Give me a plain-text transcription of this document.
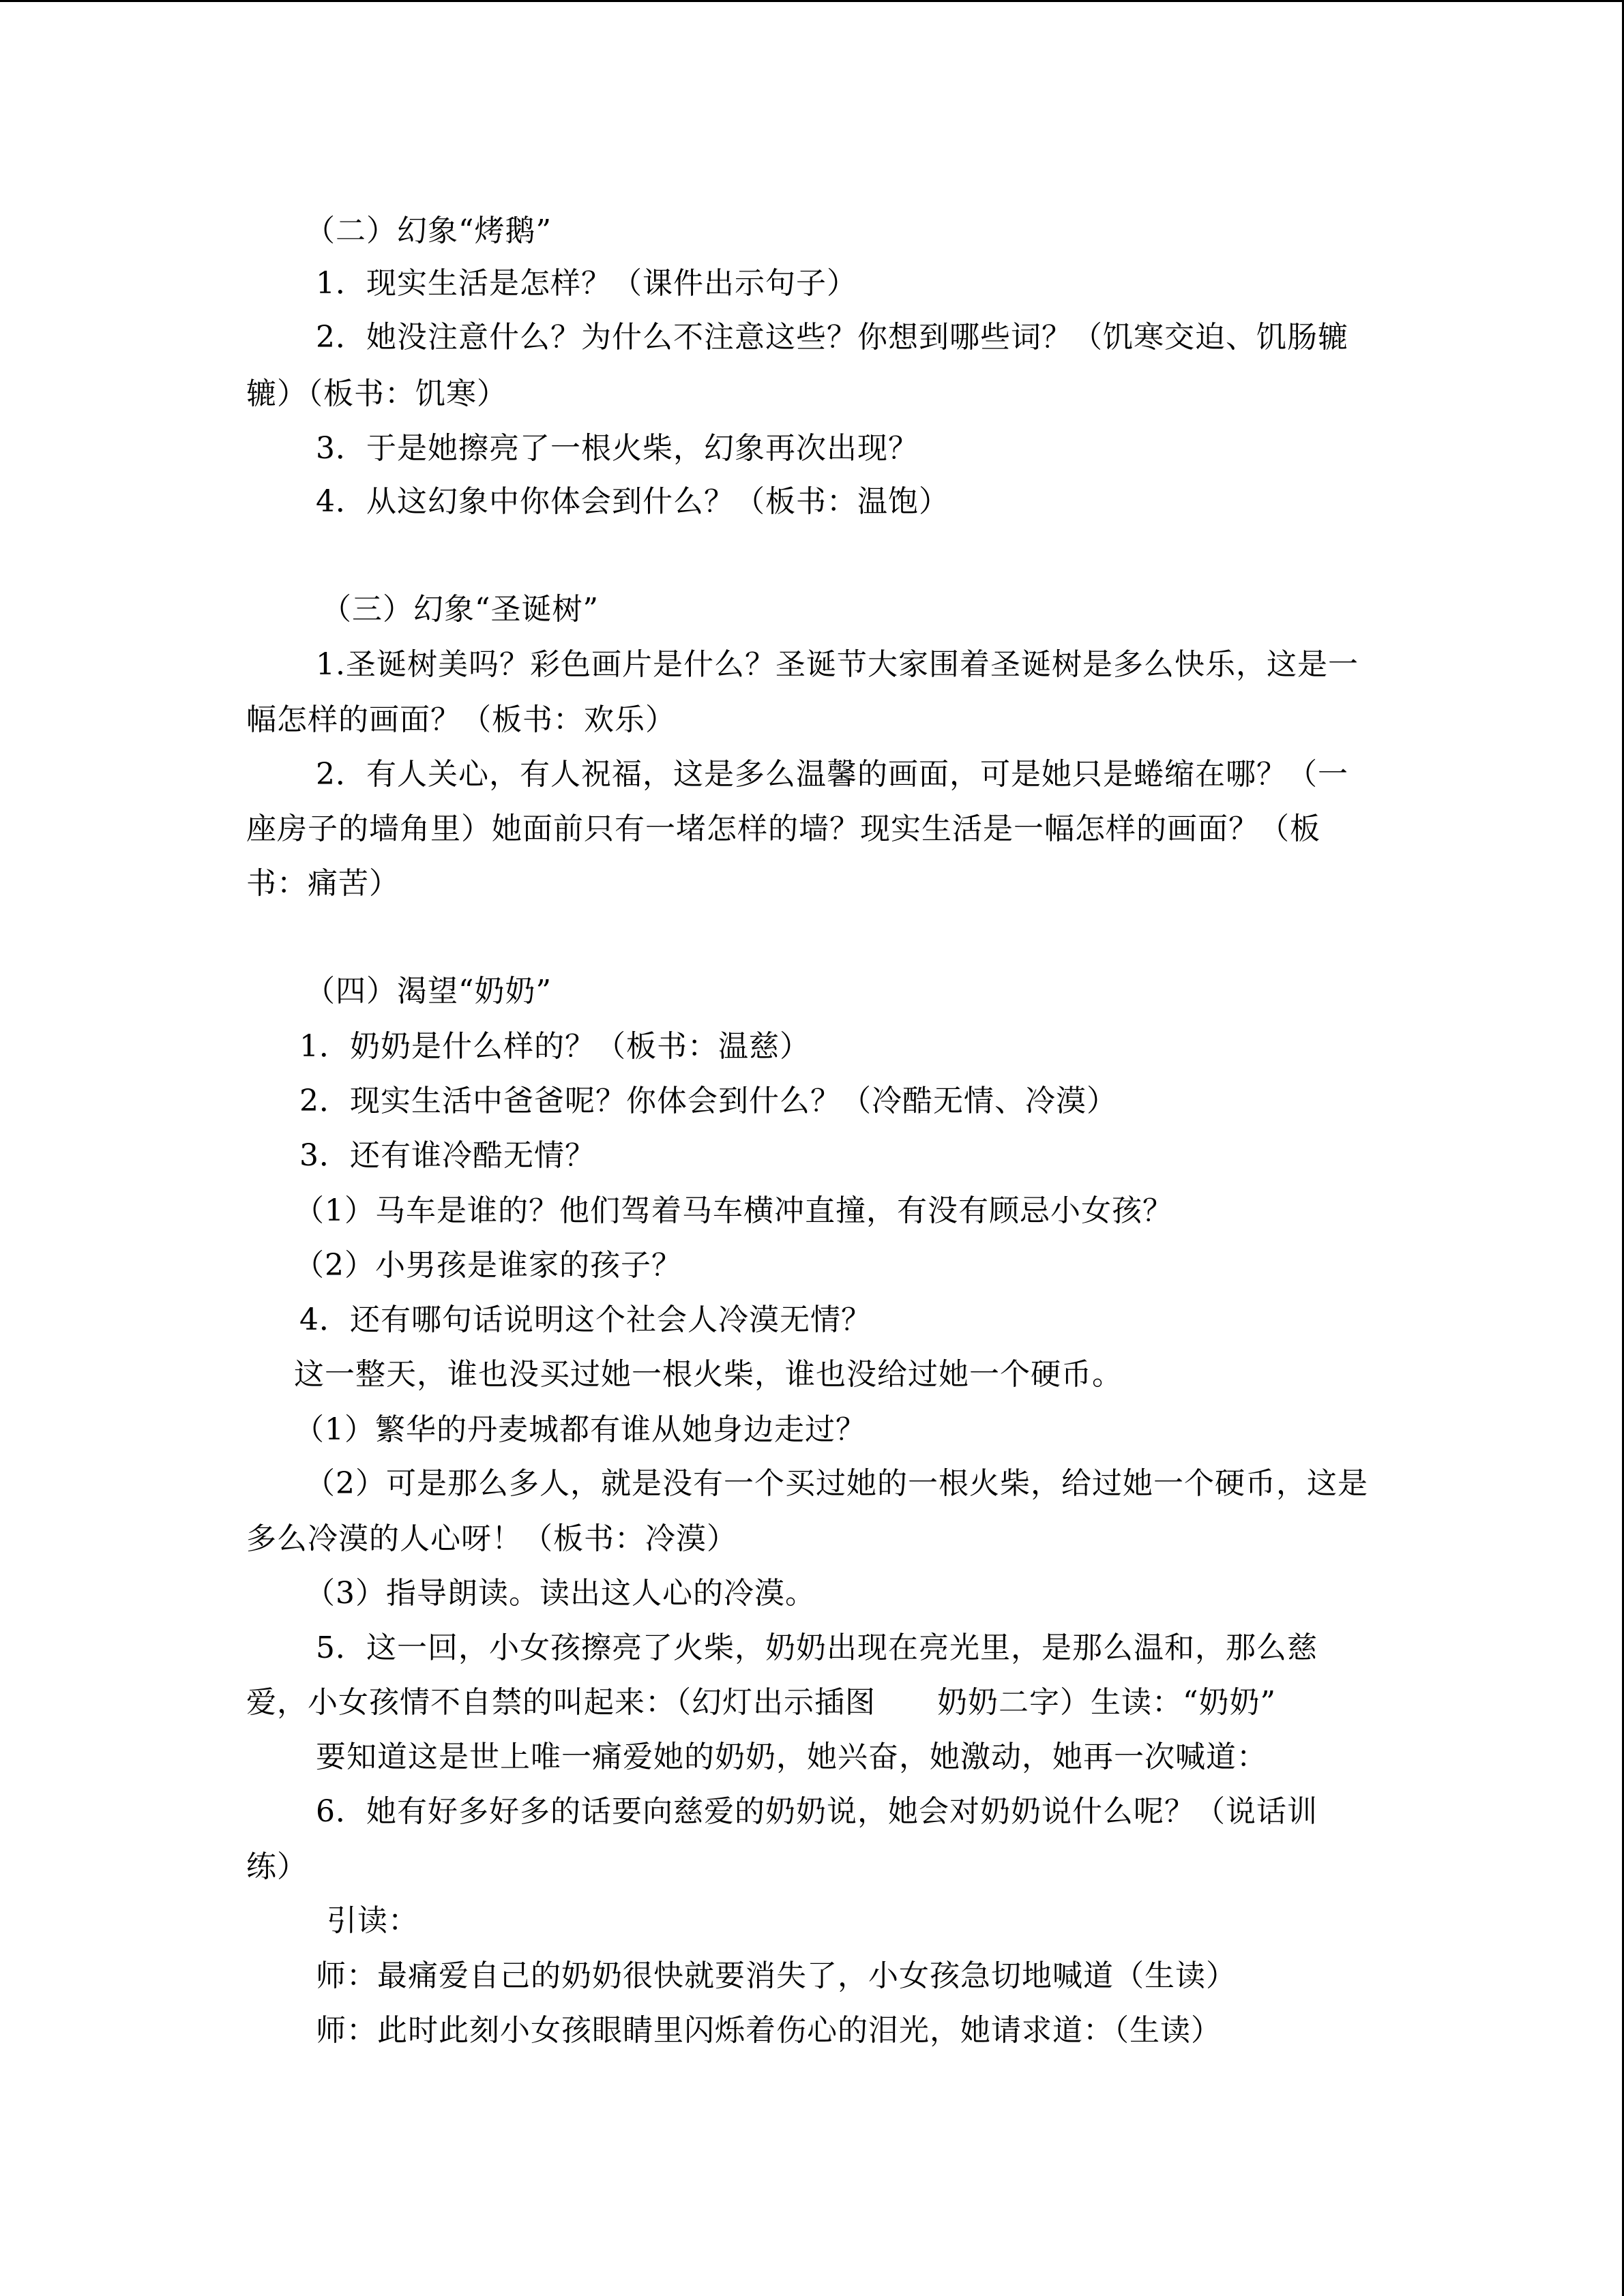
（二）幻象“烤鹅”
1．现实生活是怎样？（课件出示句子）
2．她没注意什么？为什么不注意这些？你想到哪些词？（饥寒交迫、饥肠辘
辘）（板书：饥寒）
3．于是她擦亮了一根火柴，幻象再次出现？
4．从这幻象中你体会到什么？（板书：温饱）
（三）幻象“圣诞树”
1.圣诞树美吗？彩色画片是什么？圣诞节大家围着圣诞树是多么快乐，这是一
幅怎样的画面？（板书：欢乐）
2．有人关心，有人祝福，这是多么温馨的画面，可是她只是蜷缩在哪？（一
座房子的墙角里）她面前只有一堵怎样的墙？现实生活是一幅怎样的画面？（板
书：痛苦）
（四）渴望“奶奶”
1．奶奶是什么样的？（板书：温慈）
2．现实生活中爸爸呢？你体会到什么？（冷酷无情、冷漠）
3．还有谁冷酷无情？
（1）马车是谁的？他们驾着马车横冲直撞，有没有顾忌小女孩？
（2）小男孩是谁家的孩子？
4．还有哪句话说明这个社会人冷漠无情？
这一整天，谁也没买过她一根火柴，谁也没给过她一个硬币。
（1）繁华的丹麦城都有谁从她身边走过？
（2）可是那么多人，就是没有一个买过她的一根火柴，给过她一个硬币，这是
多么冷漠的人心呀！（板书：冷漠）
（3）指导朗读。读出这人心的冷漠。
5．这一回，小女孩擦亮了火柴，奶奶出现在亮光里，是那么温和，那么慈
爱，小女孩情不自禁的叫起来：（幻灯出示插图　　奶奶二字）生读：“奶奶”
要知道这是世上唯一痛爱她的奶奶，她兴奋，她激动，她再一次喊道：
6．她有好多好多的话要向慈爱的奶奶说，她会对奶奶说什么呢？（说话训
练）
引读：
师：最痛爱自己的奶奶很快就要消失了，小女孩急切地喊道（生读）
师：此时此刻小女孩眼睛里闪烁着伤心的泪光，她请求道：（生读）
